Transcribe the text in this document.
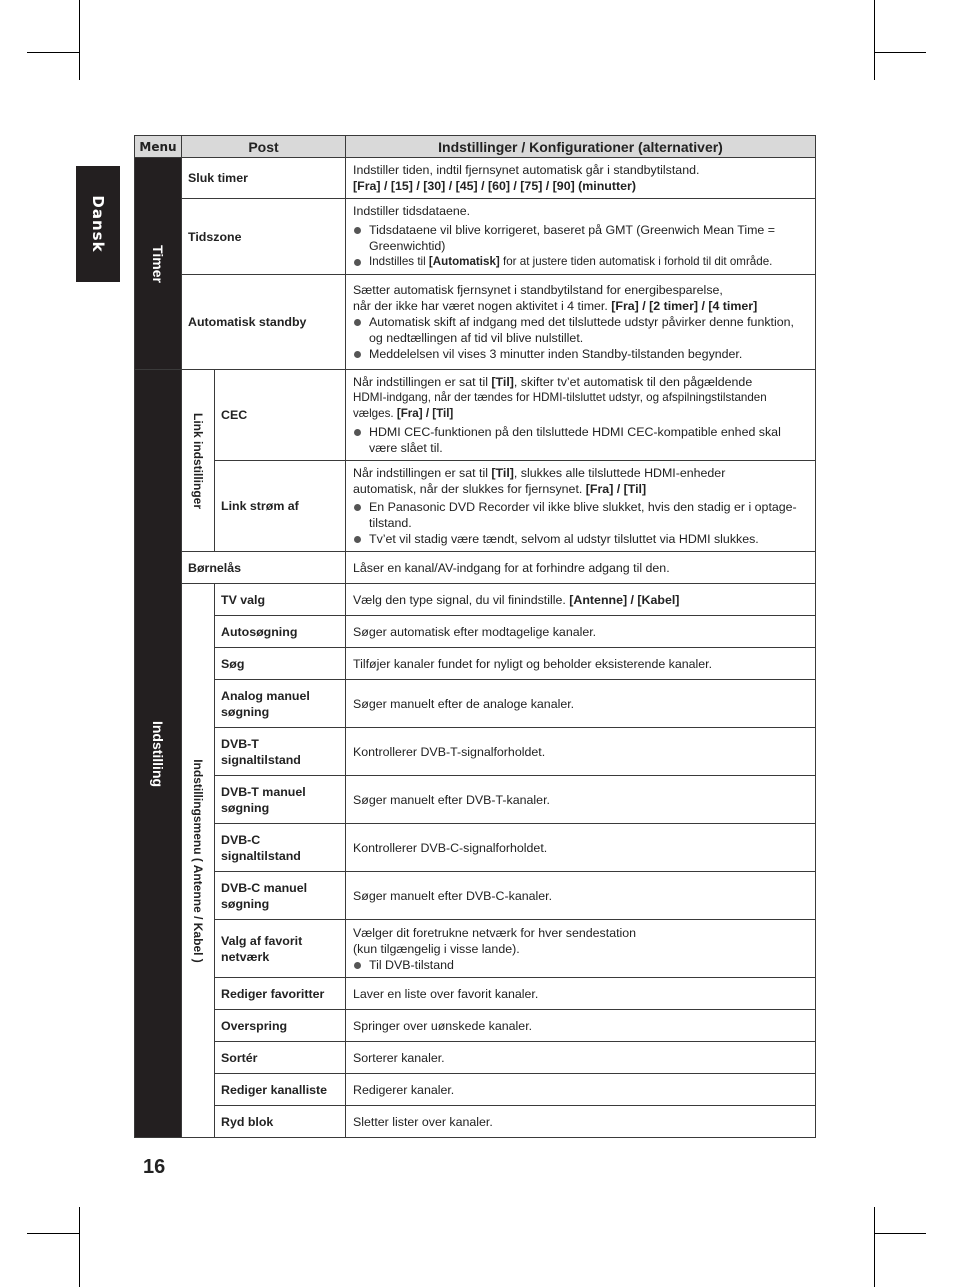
Dansk
Menu	Post		Indstillinger / Konfigurationer (alternativer)

Timer	Sluk timer		Indstiller tiden, indtil fjernsynet automatisk går i standbytilstand.
[Fra] / [15] / [30] / [45] / [60] / [75] / [90] (minutter)

	Tidszone		Indstiller tidsdataene.
Tidsdataene vil blive korrigeret, baseret på GMT (Greenwich Mean Time = Greenwichtid)
Indstilles til [Automatisk] for at justere tiden automatisk i forhold til dit område.

	Automatisk standby		Sætter automatisk fjernsynet i standbytilstand for energibesparelse,
når der ikke har været nogen aktivitet i 4 timer. [Fra] / [2 timer] / [4 timer]
Automatisk skift af indgang med det tilsluttede udstyr påvirker denne funktion, og nedtællingen af tid vil blive nulstillet.
Meddelelsen vil vises 3 minutter inden Standby-tilstanden begynder.

Indstilling	Link indstillinger	CEC	Når indstillingen er sat til [Til], skifter tv’et automatisk til den pågældende
HDMI-indgang, når der tændes for HDMI-tilsluttet udstyr, og afspilningstilstanden vælges. [Fra] / [Til]
HDMI CEC-funktionen på den tilsluttede HDMI CEC-kompatible enhed skal være slået til.

		Link strøm af	Når indstillingen er sat til [Til], slukkes alle tilsluttede HDMI-enheder
automatisk, når der slukkes for fjernsynet. [Fra] / [Til]
En Panasonic DVD Recorder vil ikke blive slukket, hvis den stadig er i optage-tilstand.
Tv’et vil stadig være tændt, selvom al udstyr tilsluttet via HDMI slukkes.

	Børnelås		Låser en kanal/AV-indgang for at forhindre adgang til den.

	Indstillingsmenu ( Antenne / Kabel )	TV valg	Vælg den type signal, du vil finindstille. [Antenne] / [Kabel]
		Autosøgning	Søger automatisk efter modtagelige kanaler.
		Søg	Tilføjer kanaler fundet for nyligt og beholder eksisterende kanaler.
		Analog manuel søgning	Søger manuelt efter de analoge kanaler.
		DVB-T signaltilstand	Kontrollerer DVB-T-signalforholdet.
		DVB-T manuel søgning	Søger manuelt efter DVB-T-kanaler.
		DVB-C signaltilstand	Kontrollerer DVB-C-signalforholdet.
		DVB-C manuel søgning	Søger manuelt efter DVB-C-kanaler.
		Valg af favorit netværk	Vælger dit foretrukne netværk for hver sendestation
(kun tilgængelig i visse lande).
Til DVB-tilstand

		Rediger favoritter	Laver en liste over favorit kanaler.
		Overspring	Springer over uønskede kanaler.
		Sortér	Sorterer kanaler.
		Rediger kanalliste	Redigerer kanaler.
		Ryd blok	Sletter lister over kanaler.
16
